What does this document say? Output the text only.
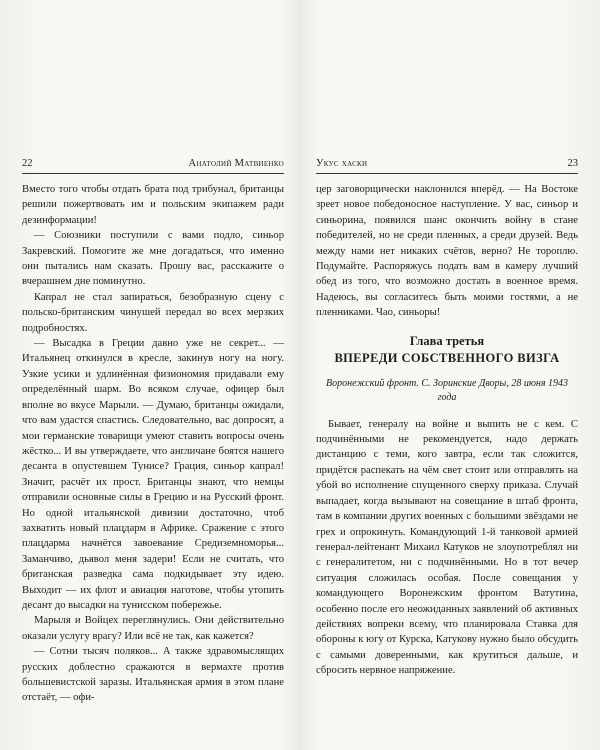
22	Анатолий Матвиенко

Вместо того чтобы отдать брата под трибунал, британцы решили пожертвовать им и польским экипажем ради дезинформации!

— Союзники поступили с вами подло, синьор Закревский. Помогите же мне догадаться, что именно они пытались нам сказать. Прошу вас, расскажите о вчерашнем дне поминутно.

Капрал не стал запираться, безобразную сцену с польско-британским чинушей передал во всех мерзких подробностях.

— Высадка в Греции давно уже не секрет... — Итальянец откинулся в кресле, закинув ногу на ногу. Узкие усики и удлинённая физиономия придавали ему определённый шарм. Во всяком случае, офицер был вполне во вкусе Марыли. — Думаю, британцы ожидали, что вам удастся спастись. Следовательно, вас допросят, а мои германские товарищи умеют ставить вопросы очень жёстко... И вы утверждаете, что англичане боятся нашего десанта в опустевшем Тунисе? Грация, синьор капрал! Значит, расчёт их прост. Британцы знают, что немцы отправили основные силы в Грецию и на Русский фронт. Но одной итальянской дивизии достаточно, чтоб захватить новый плацдарм в Африке. Сражение с этого плацдарма начнётся завоевание Средиземноморья... Заманчиво, дьявол меня задери! Если не считать, что британская разведка сама подкидывает эту идею. Выходит — их флот и авиация наготове, чтобы утопить десант до высадки на тунисском побережье.

Марыля и Войцех переглянулись. Они действительно оказали услугу врагу? Или всё не так, как кажется?

— Сотни тысяч поляков... А также здравомыслящих русских доблестно сражаются в вермахте против большевистской заразы. Итальянская армия в этом плане отстаёт, — офи-

Укус хаски	23

цер заговорщически наклонился вперёд. — На Востоке зреет новое победоносное наступление. У вас, синьор и синьорина, появился шанс окончить войну в стане победителей, но не среди пленных, а среди друзей. Ведь между нами нет никаких счётов, верно? Не тороплю. Подумайте. Распоряжусь подать вам в камеру лучший обед из того, что возможно достать в военное время. Надеюсь, вы согласитесь быть моими гостями, а не пленниками. Чао, синьоры!

Глава третья
ВПЕРЕДИ СОБСТВЕННОГО ВИЗГА
Воронежский фронт. С. Зоринские Дворы, 28 июня 1943 года

Бывает, генералу на войне и выпить не с кем. С подчинёнными не рекомендуется, надо держать дистанцию с теми, кого завтра, если так сложится, придётся распекать на чём свет стоит или отправлять на убой во исполнение спущенного сверху приказа. Случай выпадает, когда вызывают на совещание в штаб фронта, там в компании других военных с большими звёздами не грех и опрокинуть. Командующий 1-й танковой армией генерал-лейтенант Михаил Катуков не злоупотреблял ни с генералитетом, ни с подчинёнными. Но в тот вечер ситуация сложилась особая. После совещания у командующего Воронежским фронтом Ватутина, особенно после его неожиданных заявлений об активных действиях вопреки всему, что планировала Ставка для обороны к югу от Курска, Катукову нужно было обсудить с самыми доверенными, как крутиться дальше, и сбросить нервное напряжение.
